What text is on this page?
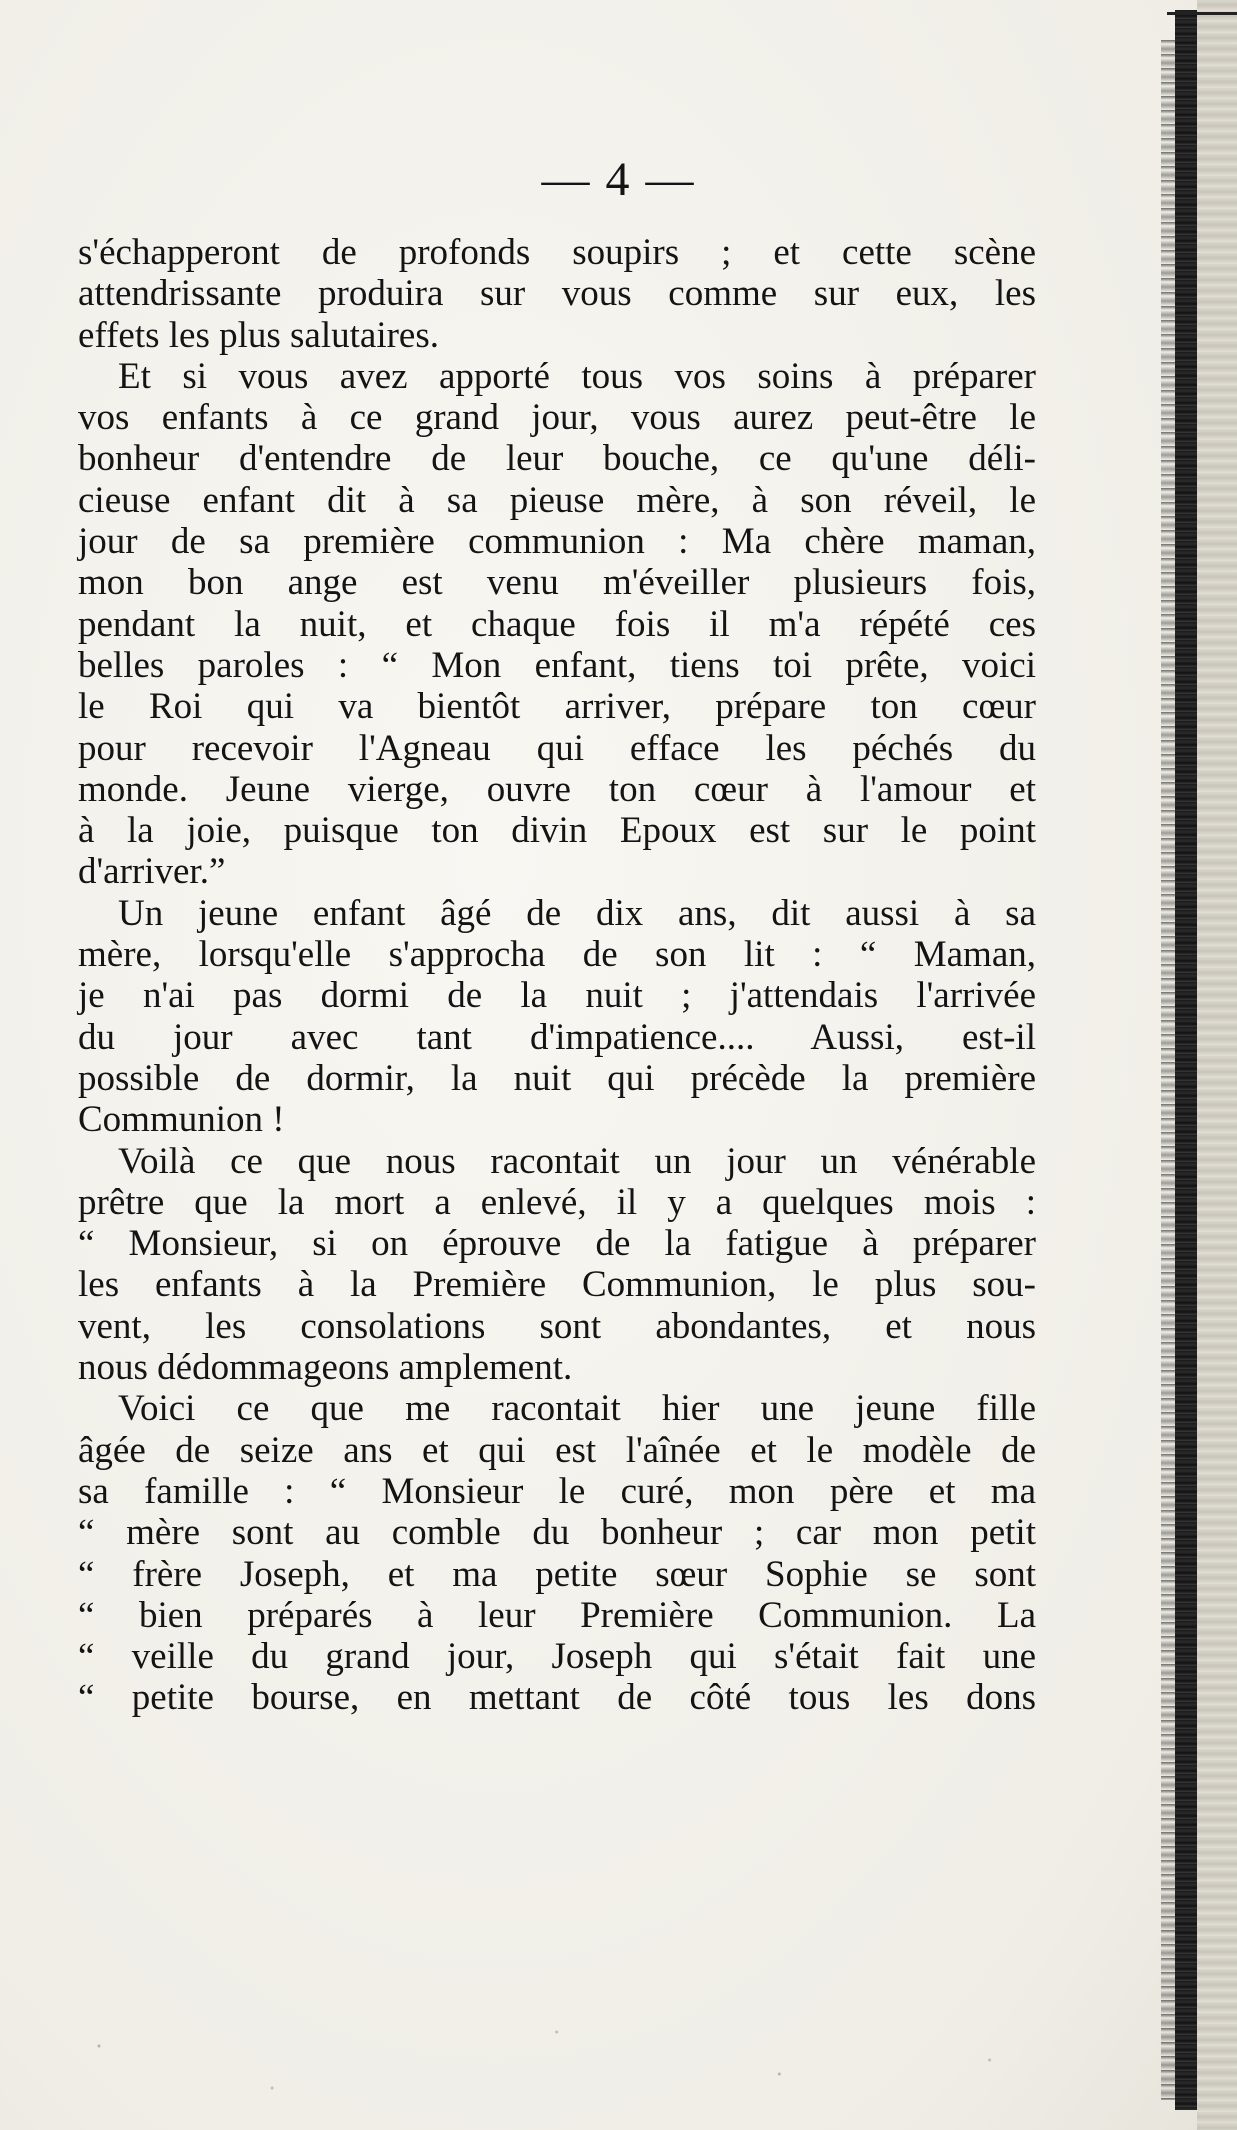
— 4 —
s'échapperont de profonds soupirs ; et cette scène
attendrissante produira sur vous comme sur eux, les
effets les plus salutaires.
Et si vous avez apporté tous vos soins à préparer
vos enfants à ce grand jour, vous aurez peut-être le
bonheur d'entendre de leur bouche, ce qu'une déli-
cieuse enfant dit à sa pieuse mère, à son réveil, le
jour de sa première communion : Ma chère maman,
mon bon ange est venu m'éveiller plusieurs fois,
pendant la nuit, et chaque fois il m'a répété ces
belles paroles : “ Mon enfant, tiens toi prête, voici
le Roi qui va bientôt arriver, prépare ton cœur
pour recevoir l'Agneau qui efface les péchés du
monde. Jeune vierge, ouvre ton cœur à l'amour et
à la joie, puisque ton divin Epoux est sur le point
d'arriver.”
Un jeune enfant âgé de dix ans, dit aussi à sa
mère, lorsqu'elle s'approcha de son lit : “ Maman,
je n'ai pas dormi de la nuit ; j'attendais l'arrivée
du jour avec tant d'impatience.... Aussi, est-il
possible de dormir, la nuit qui précède la première
Communion !
Voilà ce que nous racontait un jour un vénérable
prêtre que la mort a enlevé, il y a quelques mois :
“ Monsieur, si on éprouve de la fatigue à préparer
les enfants à la Première Communion, le plus sou-
vent, les consolations sont abondantes, et nous
nous dédommageons amplement.
Voici ce que me racontait hier une jeune fille
âgée de seize ans et qui est l'aînée et le modèle de
sa famille : “ Monsieur le curé, mon père et ma
“ mère sont au comble du bonheur ; car mon petit
“ frère Joseph, et ma petite sœur Sophie se sont
“ bien préparés à leur Première Communion. La
“ veille du grand jour, Joseph qui s'était fait une
“ petite bourse, en mettant de côté tous les dons
